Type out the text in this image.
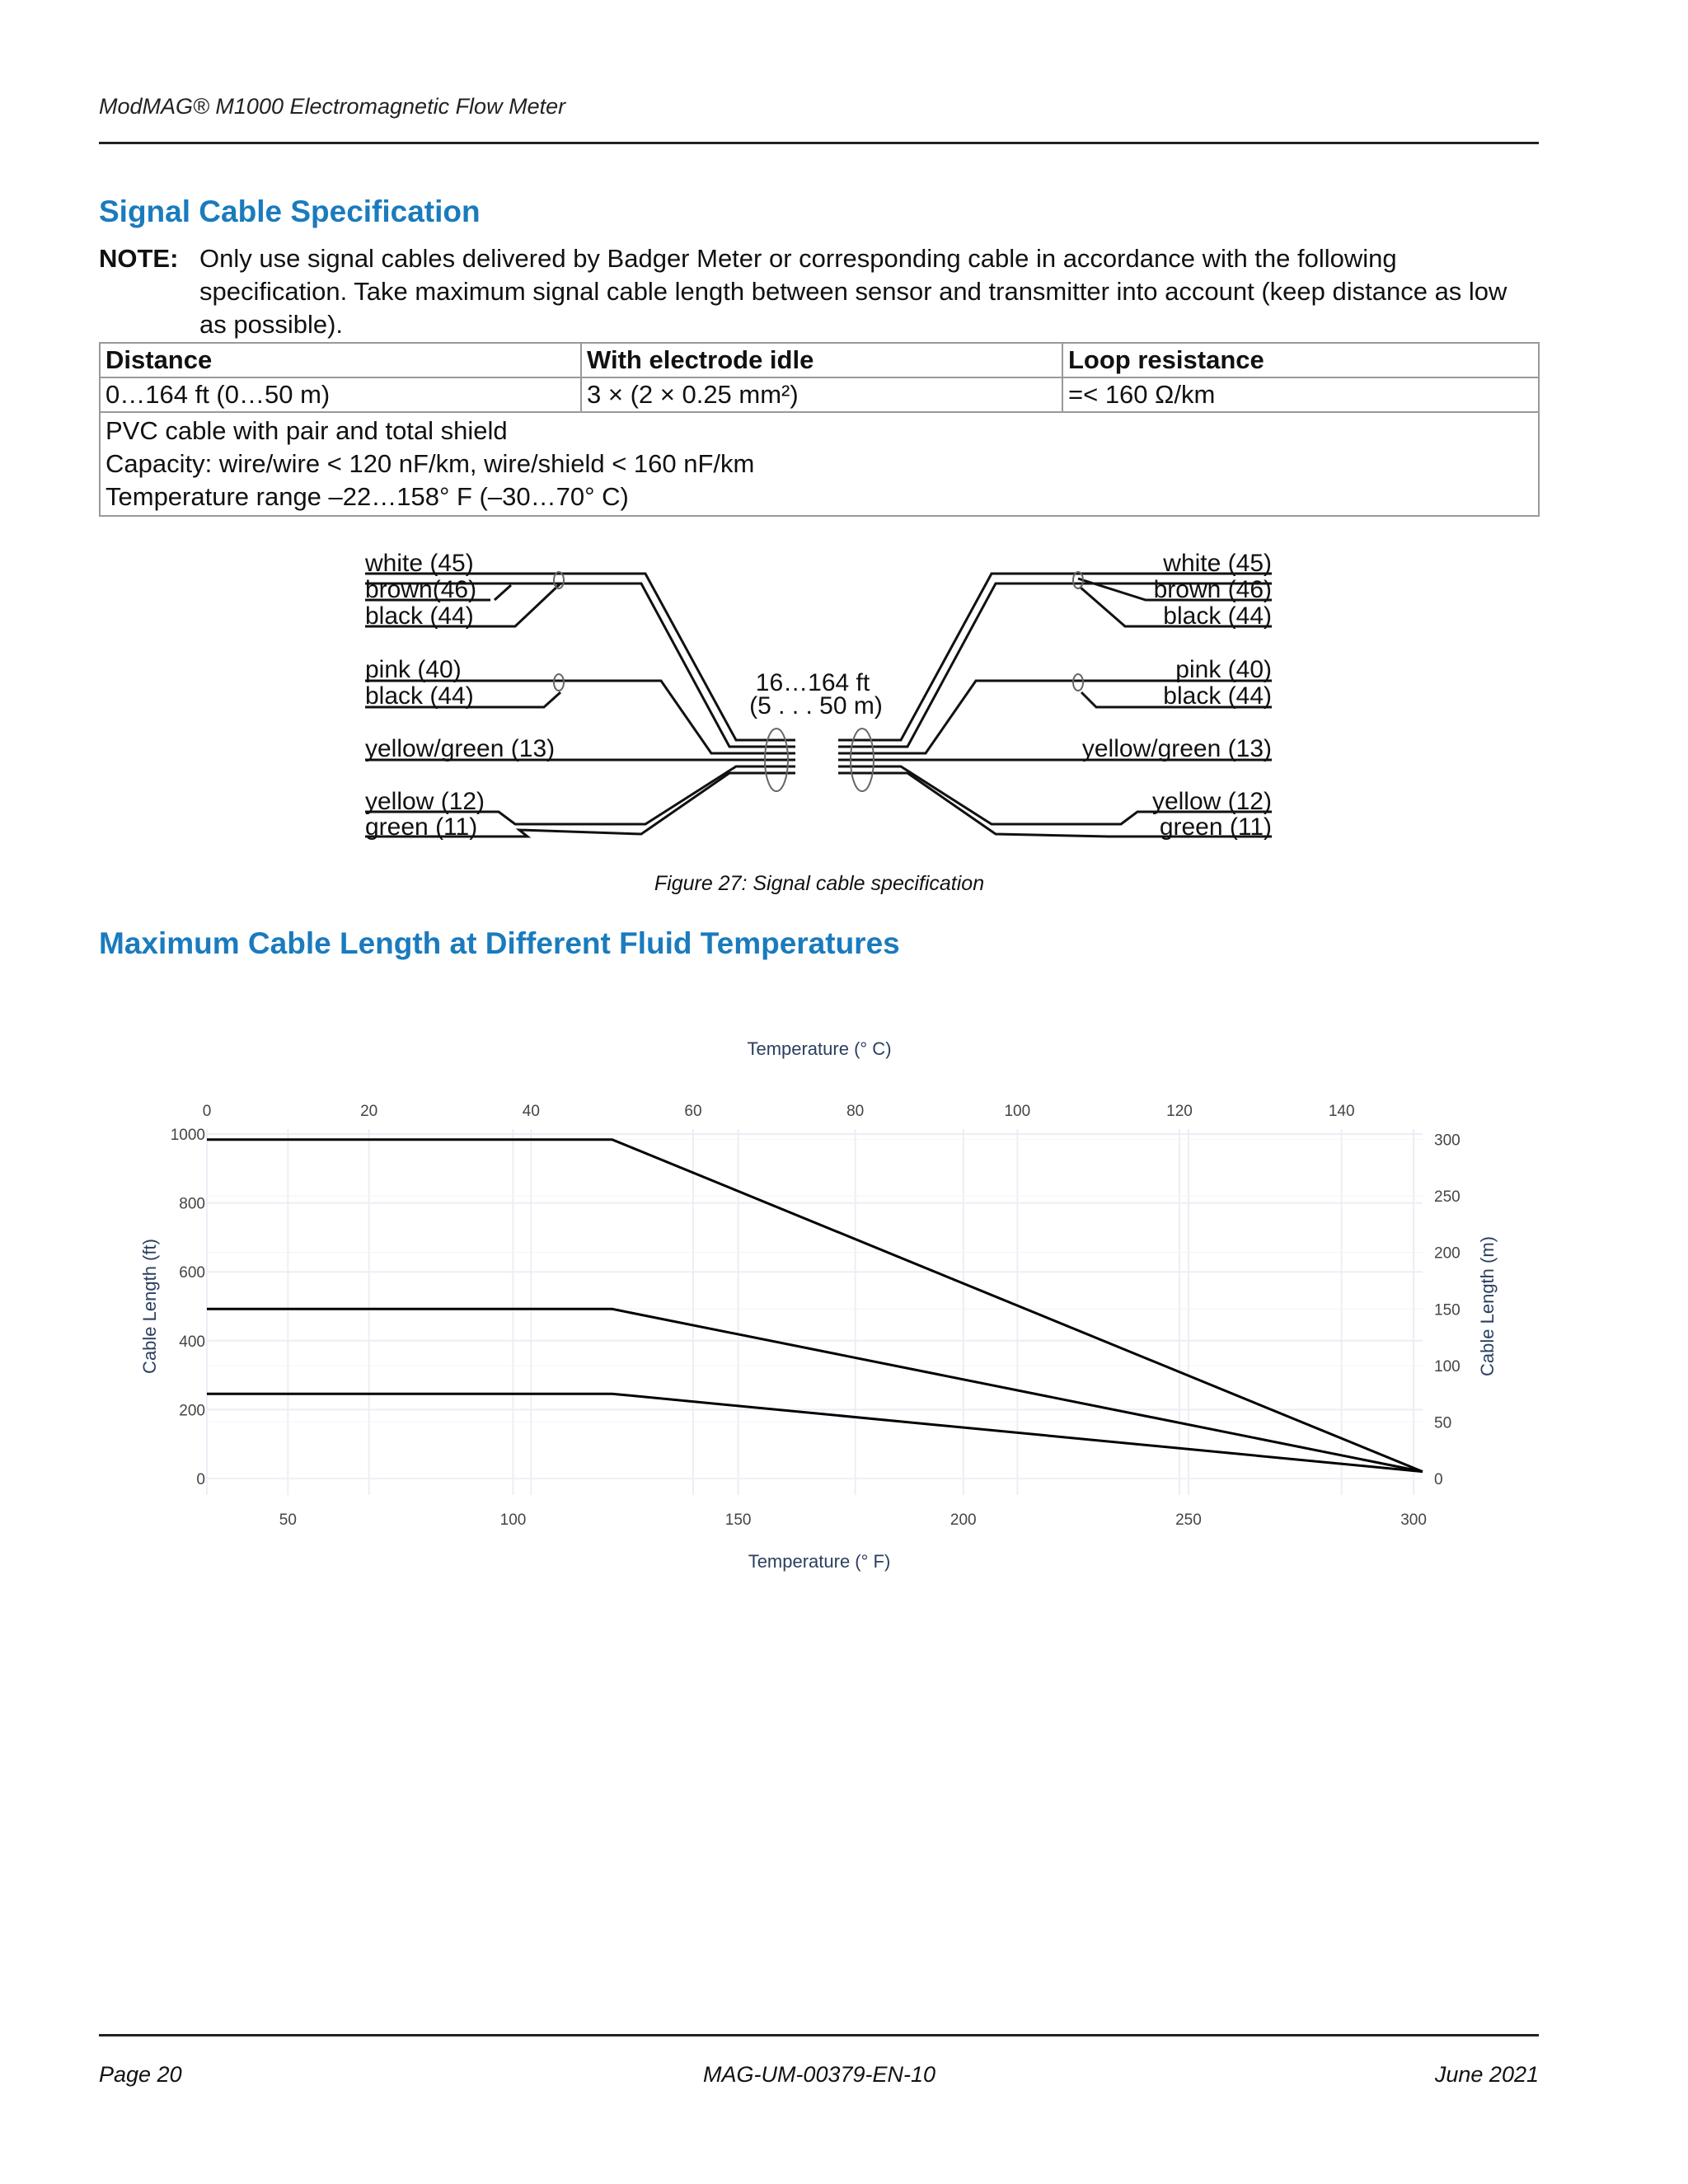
ModMAG® M1000 Electromagnetic Flow Meter
Signal Cable Specification
NOTE: Only use signal cables delivered by Badger Meter or corresponding cable in accordance with the following specification. Take maximum signal cable length between sensor and transmitter into account (keep distance as low as possible).
Distance	With electrode idle	Loop resistance
0…164 ft (0…50 m)	3 × (2 × 0.25 mm²)	=< 160 Ω/km

PVC cable with pair and total shield
Capacity: wire/wire < 120 nF/km, wire/shield < 160 nF/km
Temperature range –22…158° F (–30…70° C)		
white (45)
brown(46)
black (44)
pink (40)
black (44)
yellow/green (13)
yellow (12)
green (11)
white (45)
brown (46)
black (44)
pink (40)
black (44)
yellow/green (13)
yellow (12)
green (11)
16…164 ft
(5 . . . 50 m)
Figure 27: Signal cable specification
Maximum Cable Length at Different Fluid Temperatures
0	20	40	60	80	100	120	140
50	100	150	200	250	300
0
200
400
600
800
1000
0
50
100
150
200
250
300
Temperature (° C)
Temperature (° F)
Cable Length (ft)	Cable Length (m)
Page 20	MAG-UM-00379-EN-10	June 2021
